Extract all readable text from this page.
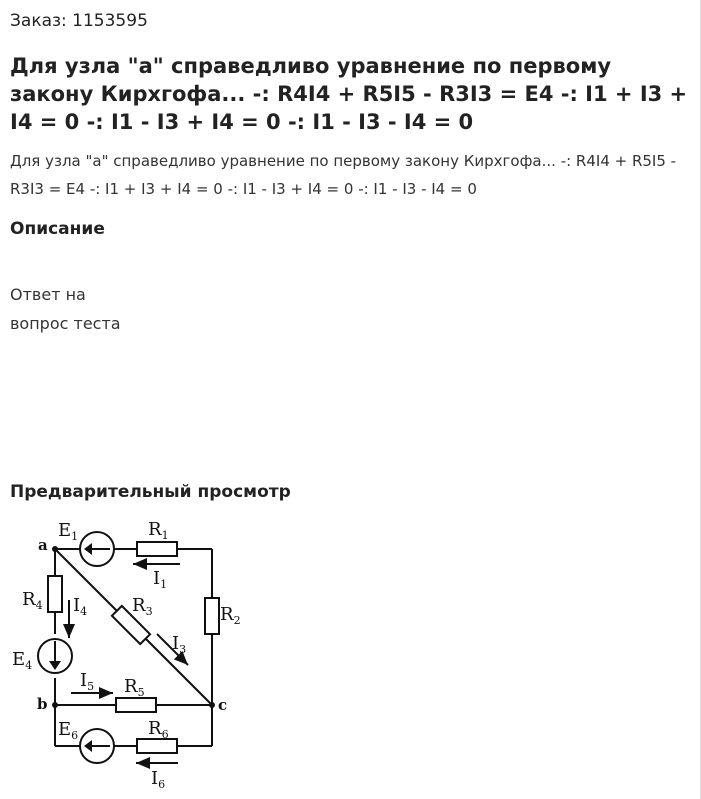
Заказ: 1153595
Для узла "a" справедливо уравнение по первому закону Кирхгофа... -: R4I4 + R5I5 - R3I3 = E4 -: I1 + I3 + I4 = 0 -: I1 - I3 + I4 = 0 -: I1 - I3 - I4 = 0
Для узла "a" справедливо уравнение по первому закону Кирхгофа... -: R4I4 + R5I5 - R3I3 = E4 -: I1 + I3 + I4 = 0 -: I1 - I3 + I4 = 0 -: I1 - I3 - I4 = 0
Описание
Ответ на
вопрос теста
Предварительный просмотр
a
b	c
$E_1$	$R_1$
$I_1$
$R_2$
$R_3$
$I_3$
$R_4$ $I_4$
$E_4$
$I_5$ $R_5$
$E_6$	$R_6$
$I_6$
